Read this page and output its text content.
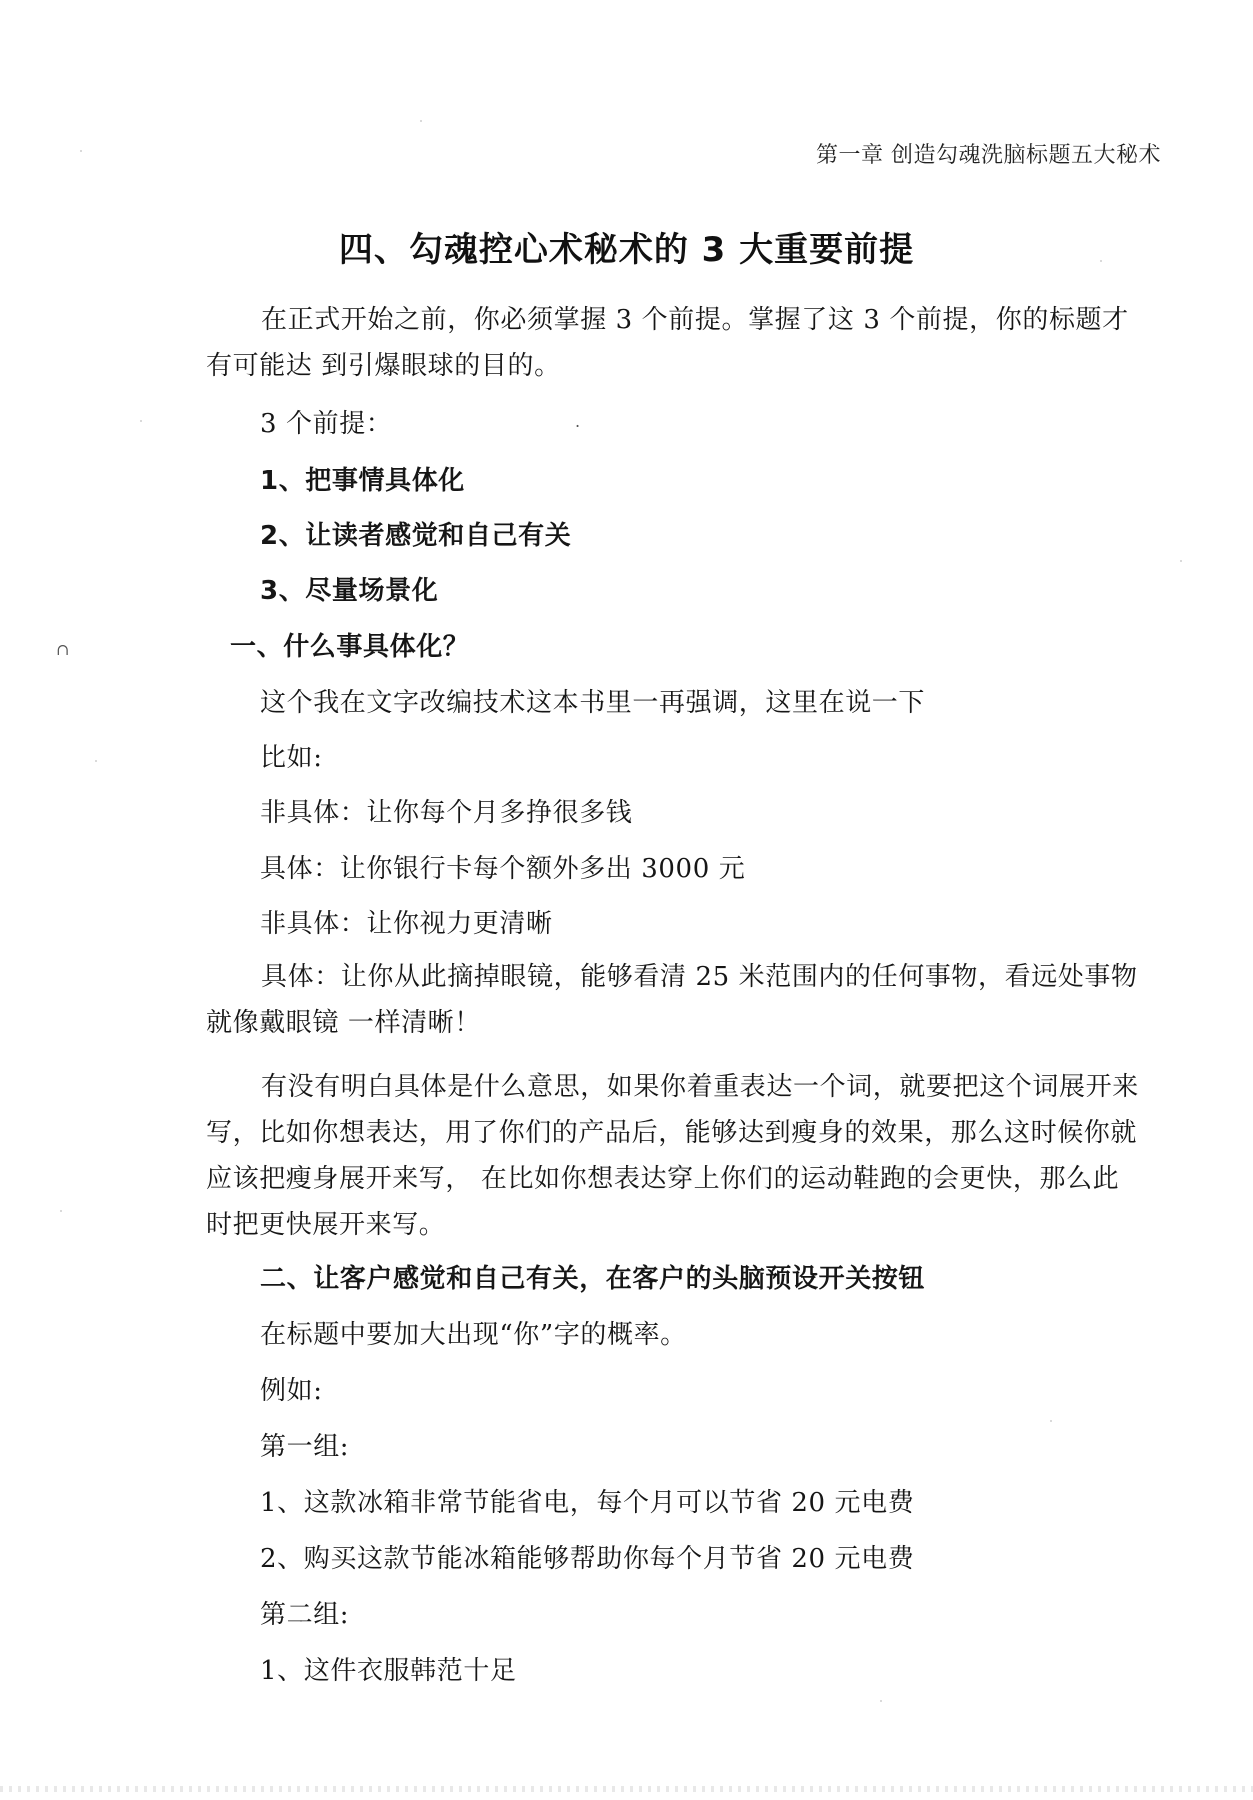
第一章 创造勾魂洗脑标题五大秘术
四、勾魂控心术秘术的 3 大重要前提
在正式开始之前，你必须掌握 3 个前提。掌握了这 3 个前提，你的标题才有可能达 到引爆眼球的目的。
3 个前提：	.
1、把事情具体化
2、让读者感觉和自己有关
3、尽量场景化
∩	一、什么事具体化？
这个我在文字改编技术这本书里一再强调，这里在说一下
比如:
非具体：让你每个月多挣很多钱
具体：让你银行卡每个额外多出 3000 元
非具体：让你视力更清晰
具体：让你从此摘掉眼镜，能够看清 25 米范围内的任何事物，看远处事物就像戴眼镜 一样清晰！
有没有明白具体是什么意思，如果你着重表达一个词，就要把这个词展开来写，比如你想表达，用了你们的产品后，能够达到瘦身的效果，那么这时候你就应该把瘦身展开来写， 在比如你想表达穿上你们的运动鞋跑的会更快，那么此时把更快展开来写。
二、让客户感觉和自己有关，在客户的头脑预设开关按钮
在标题中要加大出现“你”字的概率。
例如:
第一组:
1、这款冰箱非常节能省电，每个月可以节省 20 元电费
2、购买这款节能冰箱能够帮助你每个月节省 20 元电费
第二组:
1、这件衣服韩范十足
